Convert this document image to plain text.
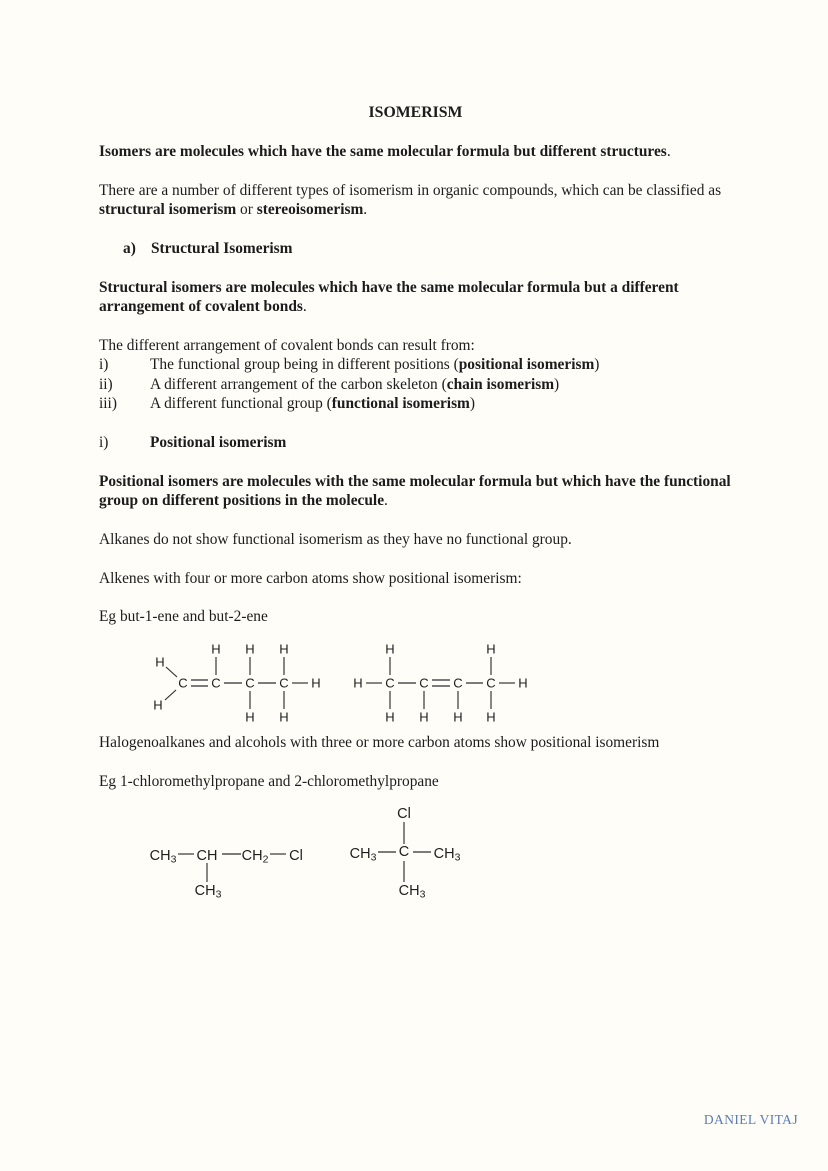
ISOMERISM

Isomers are molecules which have the same molecular formula but different structures.

There are a number of different types of isomerism in organic compounds, which can be classified as structural isomerism or stereoisomerism.

a) Structural Isomerism

Structural isomers are molecules which have the same molecular formula but a different arrangement of covalent bonds.

The different arrangement of covalent bonds can result from:

i)	The functional group being in different positions (positional isomerism)
ii)	A different arrangement of the carbon skeleton (chain isomerism)
iii)	A different functional group (functional isomerism)
i)	Positional isomerism

Positional isomers are molecules with the same molecular formula but which have the functional group on different positions in the molecule.

Alkanes do not show functional isomerism as they have no functional group.

Alkenes with four or more carbon atoms show positional isomerism:

Eg but-1-ene and but-2-ene

C C C C H
H
H
H H
H
H
H
H C C C C H
H
H H H
H
H

Halogenoalkanes and alcohols with three or more carbon atoms show positional isomerism

Eg 1-chloromethylpropane and 2-chloromethylpropane

$CH_3$ CH $CH_2$ Cl
$CH_3$
Cl
$CH_3$ C $CH_3$
$CH_3$
DANIEL VITAJ
